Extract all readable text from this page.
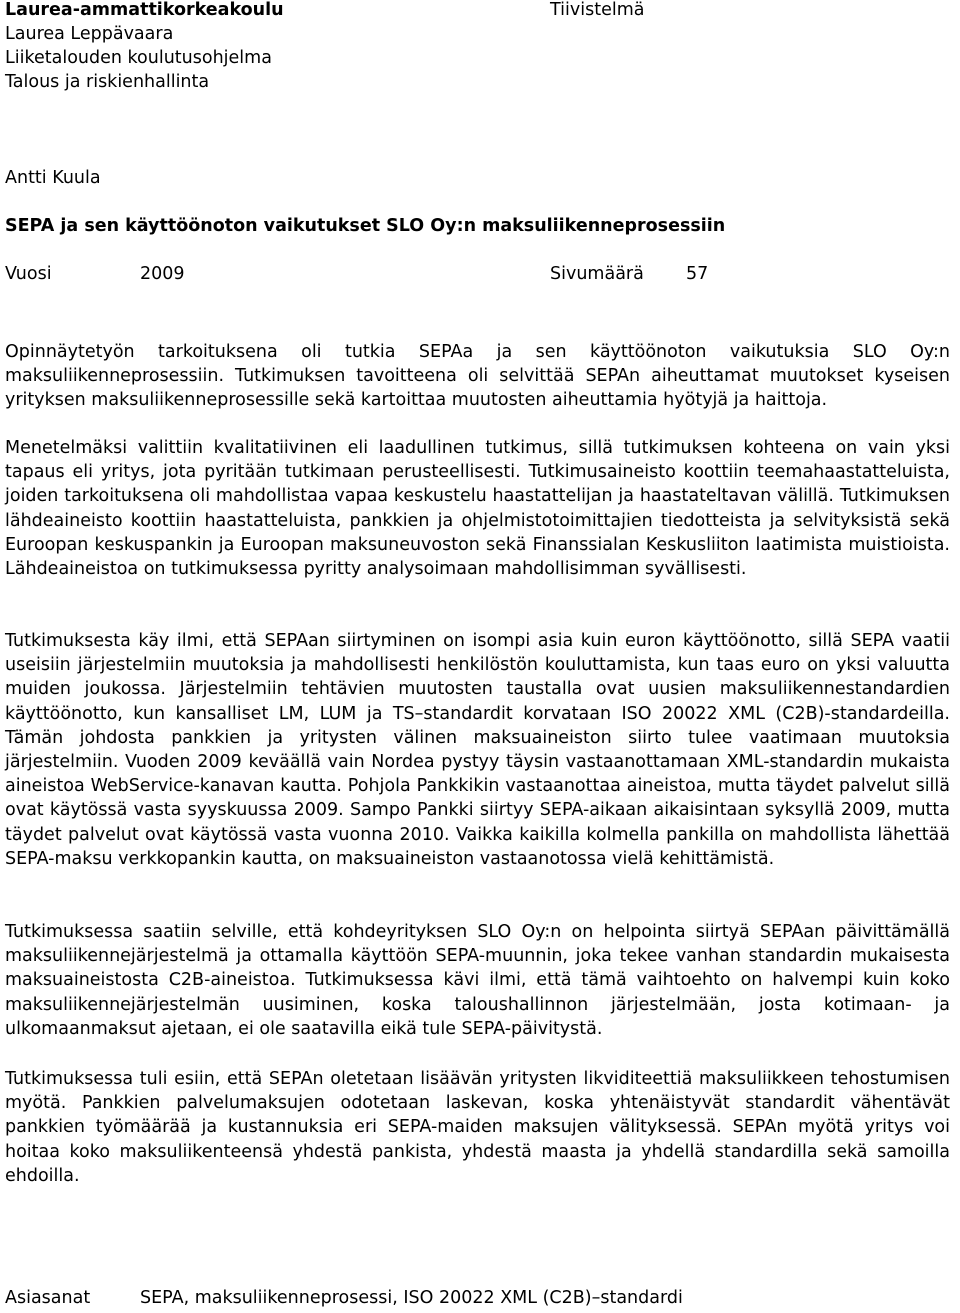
Laurea-ammattikorkeakoulu
Laurea Leppävaara
Liiketalouden koulutusohjelma
Talous ja riskienhallinta
Tiivistelmä
Antti Kuula
SEPA ja sen käyttöönoton vaikutukset SLO Oy:n maksuliikenneprosessiin
Vuosi	2009	Sivumäärä 57

Opinnäytetyön tarkoituksena oli tutkia SEPAa ja sen käyttöönoton vaikutuksia SLO Oy:n maksuliikenneprosessiin. Tutkimuksen tavoitteena oli selvittää SEPAn aiheuttamat muutokset kyseisen yrityksen maksuliikenneprosessille sekä kartoittaa muutosten aiheuttamia hyötyjä ja haittoja.

Menetelmäksi valittiin kvalitatiivinen eli laadullinen tutkimus, sillä tutkimuksen kohteena on vain yksi tapaus eli yritys, jota pyritään tutkimaan perusteellisesti. Tutkimusaineisto koottiin teemahaastatteluista, joiden tarkoituksena oli mahdollistaa vapaa keskustelu haastattelijan ja haastateltavan välillä. Tutkimuksen lähdeaineisto koottiin haastatteluista, pankkien ja ohjelmistotoimittajien tiedotteista ja selvityksistä sekä Euroopan keskuspankin ja Euroopan maksuneuvoston sekä Finanssialan Keskusliiton laatimista muistioista. Lähdeaineistoa on tutkimuksessa pyritty analysoimaan mahdollisimman syvällisesti.

Tutkimuksesta käy ilmi, että SEPAan siirtyminen on isompi asia kuin euron käyttöönotto, sillä SEPA vaatii useisiin järjestelmiin muutoksia ja mahdollisesti henkilöstön kouluttamista, kun taas euro on yksi valuutta muiden joukossa. Järjestelmiin tehtävien muutosten taustalla ovat uusien maksuliikennestandardien käyttöönotto, kun kansalliset LM, LUM ja TS–standardit korvataan ISO 20022 XML (C2B)-standardeilla. Tämän johdosta pankkien ja yritysten välinen maksuaineiston siirto tulee vaatimaan muutoksia järjestelmiin. Vuoden 2009 keväällä vain Nordea pystyy täysin vastaanottamaan XML-standardin mukaista aineistoa WebService-kanavan kautta. Pohjola Pankkikin vastaanottaa aineistoa, mutta täydet palvelut sillä ovat käytössä vasta syyskuussa 2009. Sampo Pankki siirtyy SEPA-aikaan aikaisintaan syksyllä 2009, mutta täydet palvelut ovat käytössä vasta vuonna 2010. Vaikka kaikilla kolmella pankilla on mahdollista lähettää SEPA-maksu verkkopankin kautta, on maksuaineiston vastaanotossa vielä kehittämistä.

Tutkimuksessa saatiin selville, että kohdeyrityksen SLO Oy:n on helpointa siirtyä SEPAan päivittämällä maksuliikennejärjestelmä ja ottamalla käyttöön SEPA-muunnin, joka tekee vanhan standardin mukaisesta maksuaineistosta C2B-aineistoa. Tutkimuksessa kävi ilmi, että tämä vaihtoehto on halvempi kuin koko maksuliikennejärjestelmän uusiminen, koska taloushallinnon järjestelmään, josta kotimaan- ja ulkomaanmaksut ajetaan, ei ole saatavilla eikä tule SEPA-päivitystä.

Tutkimuksessa tuli esiin, että SEPAn oletetaan lisäävän yritysten likviditeettiä maksuliikkeen tehostumisen myötä. Pankkien palvelumaksujen odotetaan laskevan, koska yhtenäistyvät standardit vähentävät pankkien työmäärää ja kustannuksia eri SEPA-maiden maksujen välityksessä. SEPAn myötä yritys voi hoitaa koko maksuliikenteensä yhdestä pankista, yhdestä maasta ja yhdellä standardilla sekä samoilla ehdoilla.

Asiasanat	SEPA, maksuliikenneprosessi, ISO 20022 XML (C2B)–standardi
